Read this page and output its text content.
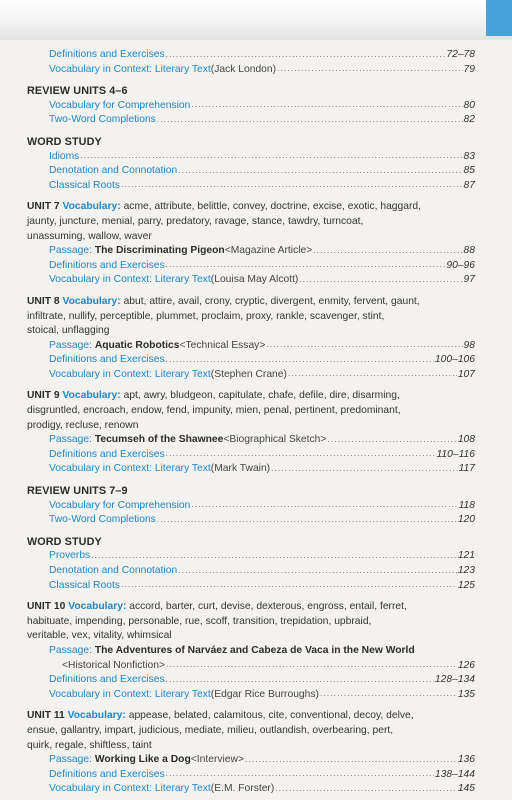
Definitions and Exercises .....	72–78
Vocabulary in Context: Literary Text (Jack London) .....	79
REVIEW UNITS 4–6
Vocabulary for Comprehension .....	80
Two-Word Completions .....	82
WORD STUDY
Idioms .....	83
Denotation and Connotation .....	85
Classical Roots .....	87
UNIT 7 Vocabulary: acme, attribute, belittle, convey, doctrine, excise, exotic, haggard,
jaunty, juncture, menial, parry, predatory, ravage, stance, tawdry, turncoat,
unassuming, wallow, waver
Passage:
The Discriminating Pigeon <Magazine Article> .....	88
Definitions and Exercises .....	90–96
Vocabulary in Context: Literary Text (Louisa May Alcott) .....	97
UNIT 8 Vocabulary: abut, attire, avail, crony, cryptic, divergent, enmity, fervent, gaunt,
infiltrate, nullify, perceptible, plummet, proclaim, proxy, rankle, scavenger, stint,
stoical, unflagging
Passage:
Aquatic Robotics <Technical Essay> .....	98
Definitions and Exercises .....	100–106
Vocabulary in Context: Literary Text (Stephen Crane) .....	107
UNIT 9 Vocabulary: apt, awry, bludgeon, capitulate, chafe, defile, dire, disarming,
disgruntled, encroach, endow, fend, impunity, mien, penal, pertinent, predominant,
prodigy, recluse, renown
Passage:
Tecumseh of the Shawnee <Biographical Sketch> .....	108
Definitions and Exercises .....	110–116
Vocabulary in Context: Literary Text (Mark Twain) .....	117
REVIEW UNITS 7–9
Vocabulary for Comprehension .....	118
Two-Word Completions .....	120
WORD STUDY
Proverbs .....	121
Denotation and Connotation .....	123
Classical Roots .....	125
UNIT 10 Vocabulary: accord, barter, curt, devise, dexterous, engross, entail, ferret,
habituate, impending, personable, rue, scoff, transition, trepidation, upbraid,
veritable, vex, vitality, whimsical
Passage: The Adventures of Narváez and Cabeza de Vaca in the New World
<Historical Nonfiction> .....	126
Definitions and Exercises .....	128–134
Vocabulary in Context: Literary Text (Edgar Rice Burroughs) .....	135
UNIT 11 Vocabulary: appease, belated, calamitous, cite, conventional, decoy, delve,
ensue, gallantry, impart, judicious, mediate, milieu, outlandish, overbearing, pert,
quirk, regale, shiftless, taint
Passage:
Working Like a Dog <Interview> .....	136
Definitions and Exercises .....	138–144
Vocabulary in Context: Literary Text (E.M. Forster) .....	145
